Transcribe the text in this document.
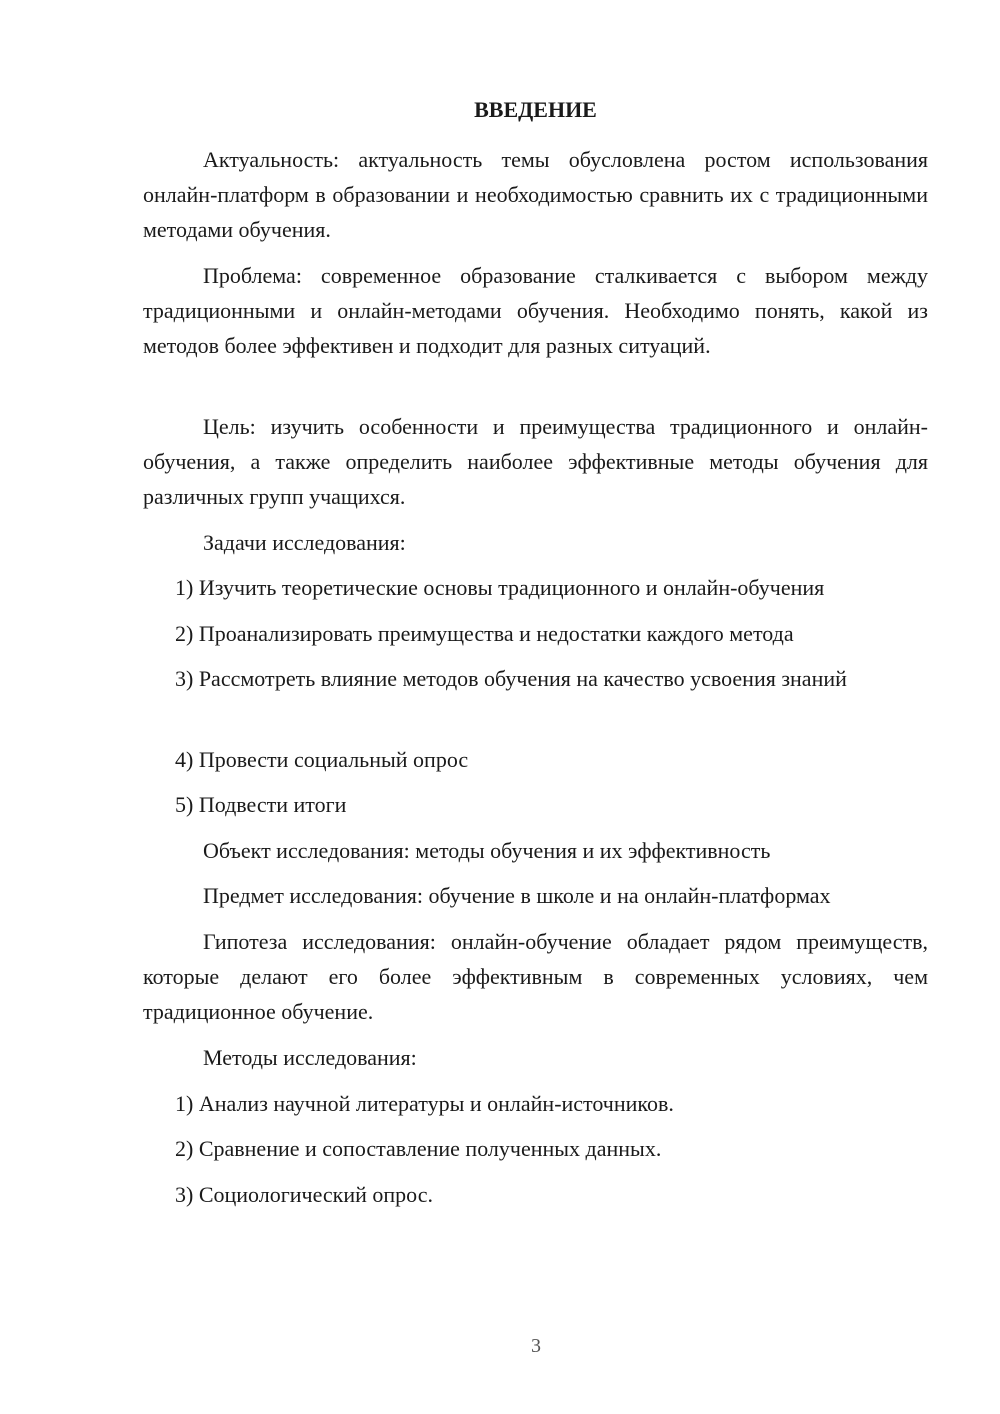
ВВЕДЕНИЕ

Актуальность: актуальность темы обусловлена ростом использования онлайн-платформ в образовании и необходимостью сравнить их с традиционными методами обучения.

Проблема: современное образование сталкивается с выбором между традиционными и онлайн-методами обучения. Необходимо понять, какой из методов более эффективен и подходит для разных ситуаций.

Цель: изучить особенности и преимущества традиционного и онлайн-обучения, а также определить наиболее эффективные методы обучения для различных групп учащихся.

Задачи исследования:

1) Изучить теоретические основы традиционного и онлайн-обучения

2) Проанализировать преимущества и недостатки каждого метода

3) Рассмотреть влияние методов обучения на качество усвоения знаний

4) Провести социальный опрос

5) Подвести итоги

Объект исследования: методы обучения и их эффективность

Предмет исследования: обучение в школе и на онлайн-платформах

Гипотеза исследования: онлайн-обучение обладает рядом преимуществ, которые делают его более эффективным в современных условиях, чем традиционное обучение.

Методы исследования:

1) Анализ научной литературы и онлайн-источников.

2) Сравнение и сопоставление полученных данных.

3) Социологический опрос.

3
